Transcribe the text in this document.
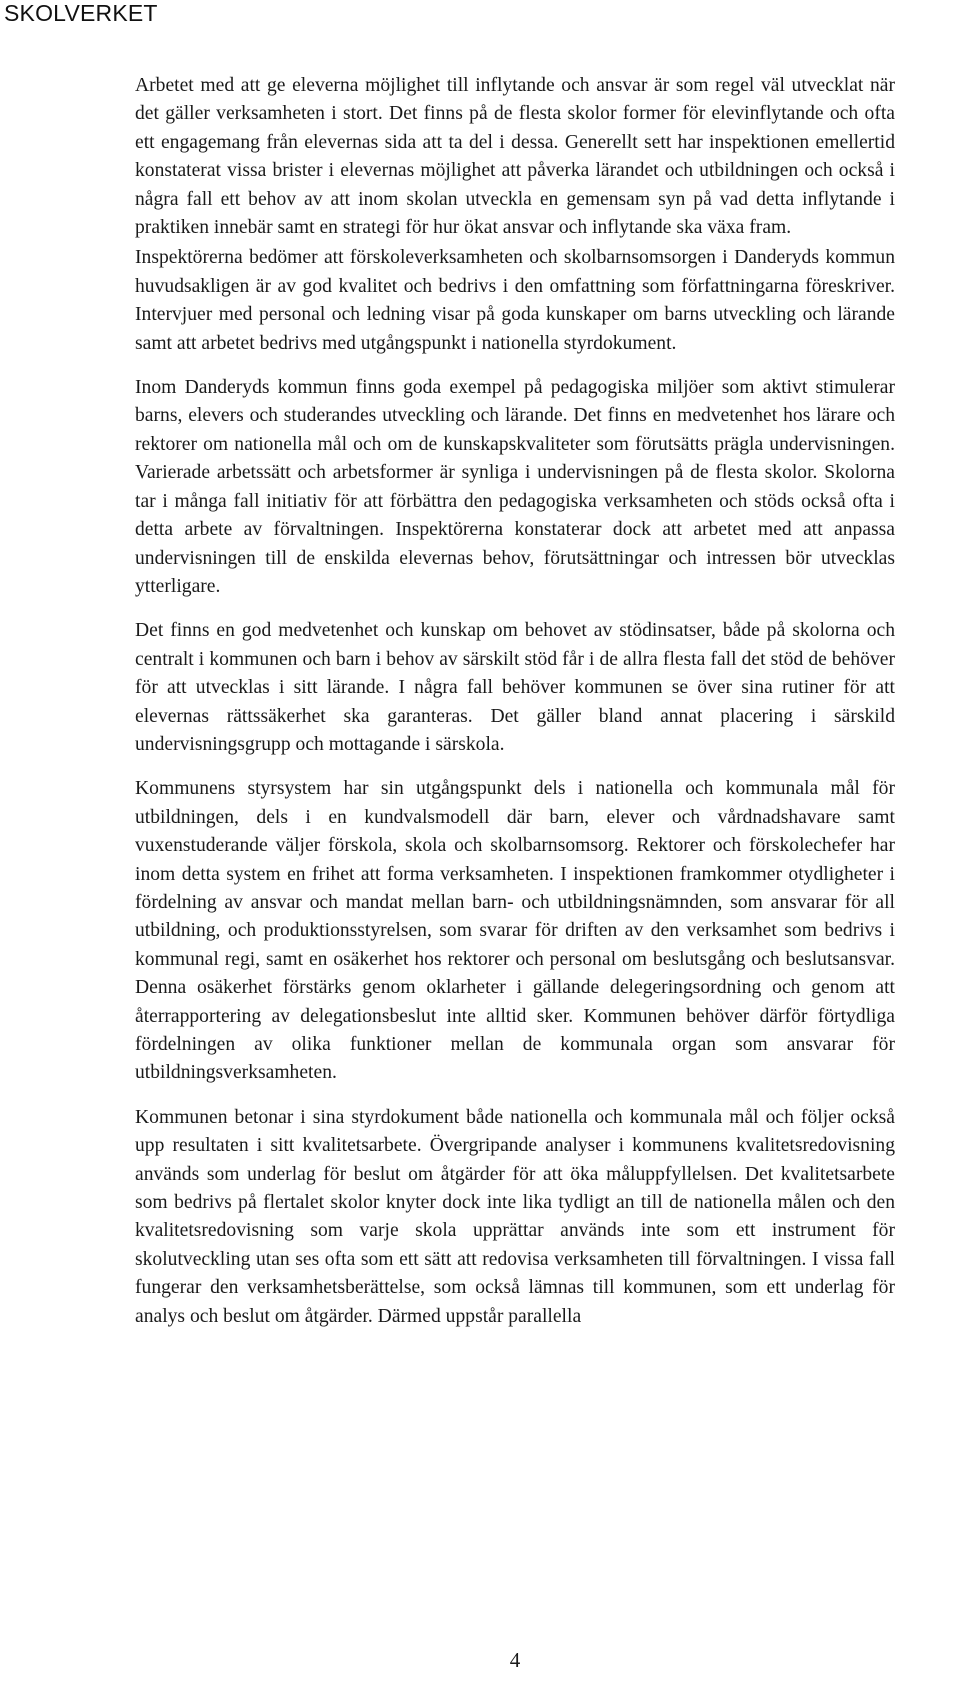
SKOLVERKET

Arbetet med att ge eleverna möjlighet till inflytande och ansvar är som regel väl utvecklat när det gäller verksamheten i stort. Det finns på de flesta skolor former för elevinflytande och ofta ett engagemang från elevernas sida att ta del i dessa. Generellt sett har inspektionen emellertid konstaterat vissa brister i elevernas möjlighet att påverka lärandet och utbildningen och också i några fall ett behov av att inom skolan utveckla en gemensam syn på vad detta inflytande i praktiken innebär samt en strategi för hur ökat ansvar och inflytande ska växa fram.

Inspektörerna bedömer att förskoleverksamheten och skolbarnsomsorgen i Danderyds kommun huvudsakligen är av god kvalitet och bedrivs i den omfattning som författningarna föreskriver. Intervjuer med personal och ledning visar på goda kunskaper om barns utveckling och lärande samt att arbetet bedrivs med utgångspunkt i nationella styrdokument.

Inom Danderyds kommun finns goda exempel på pedagogiska miljöer som aktivt stimulerar barns, elevers och studerandes utveckling och lärande. Det finns en medvetenhet hos lärare och rektorer om nationella mål och om de kunskapskvaliteter som förutsätts prägla undervisningen. Varierade arbetssätt och arbetsformer är synliga i undervisningen på de flesta skolor. Skolorna tar i många fall initiativ för att förbättra den pedagogiska verksamheten och stöds också ofta i detta arbete av förvaltningen. Inspektörerna konstaterar dock att arbetet med att anpassa undervisningen till de enskilda elevernas behov, förutsättningar och intressen bör utvecklas ytterligare.

Det finns en god medvetenhet och kunskap om behovet av stödinsatser, både på skolorna och centralt i kommunen och barn i behov av särskilt stöd får i de allra flesta fall det stöd de behöver för att utvecklas i sitt lärande. I några fall behöver kommunen se över sina rutiner för att elevernas rättssäkerhet ska garanteras. Det gäller bland annat placering i särskild undervisningsgrupp och mottagande i särskola.

Kommunens styrsystem har sin utgångspunkt dels i nationella och kommunala mål för utbildningen, dels i en kundvalsmodell där barn, elever och vårdnadshavare samt vuxenstuderande väljer förskola, skola och skolbarnsomsorg. Rektorer och förskolechefer har inom detta system en frihet att forma verksamheten. I inspektionen framkommer otydligheter i fördelning av ansvar och mandat mellan barn- och utbildningsnämnden, som ansvarar för all utbildning, och produktionsstyrelsen, som svarar för driften av den verksamhet som bedrivs i kommunal regi, samt en osäkerhet hos rektorer och personal om beslutsgång och beslutsansvar. Denna osäkerhet förstärks genom oklarheter i gällande delegeringsordning och genom att återrapportering av delegationsbeslut inte alltid sker. Kommunen behöver därför förtydliga fördelningen av olika funktioner mellan de kommunala organ som ansvarar för utbildningsverksamheten.

Kommunen betonar i sina styrdokument både nationella och kommunala mål och följer också upp resultaten i sitt kvalitetsarbete. Övergripande analyser i kommunens kvalitetsredovisning används som underlag för beslut om åtgärder för att öka måluppfyllelsen. Det kvalitetsarbete som bedrivs på flertalet skolor knyter dock inte lika tydligt an till de nationella målen och den kvalitetsredovisning som varje skola upprättar används inte som ett instrument för skolutveckling utan ses ofta som ett sätt att redovisa verksamheten till förvaltningen. I vissa fall fungerar den verksamhetsberättelse, som också lämnas till kommunen, som ett underlag för analys och beslut om åtgärder. Därmed uppstår parallella

4
